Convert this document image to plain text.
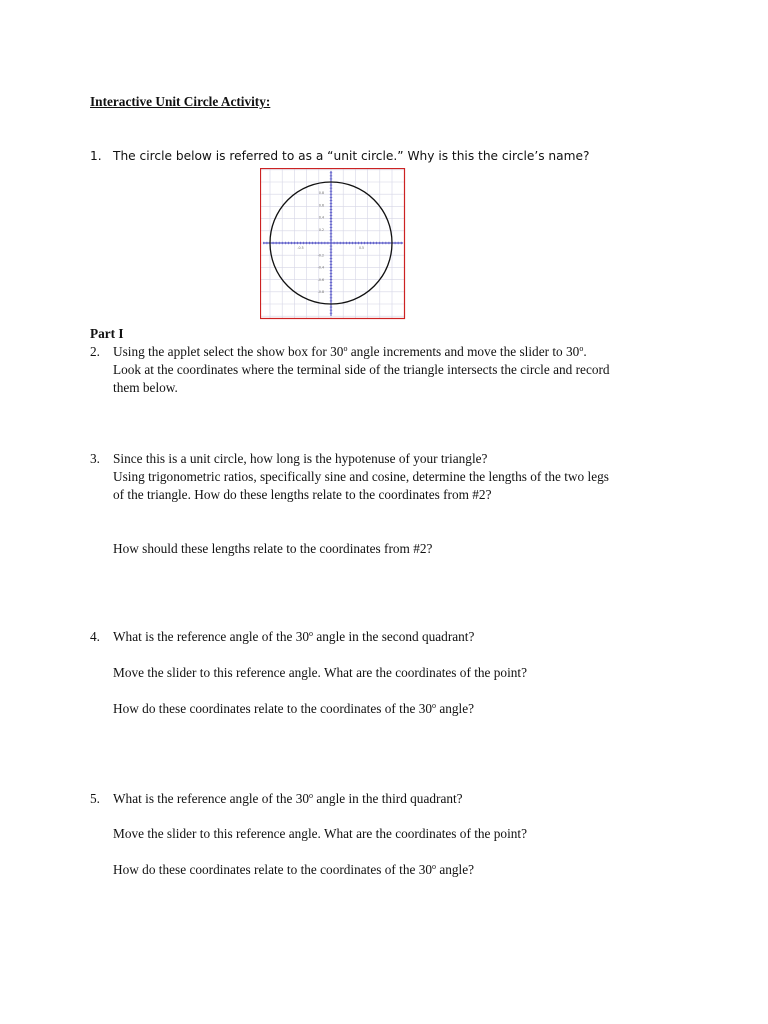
Interactive Unit Circle Activity:
1. The circle below is referred to as a “unit circle.” Why is this the circle’s name?
0.8
0.6
0.4
0.2
-0.2
-0.4
-0.6
-0.8
-0.5	0.5
Part I
2. Using the applet select the show box for 30$^o$ angle increments and move the slider to 30$^o$.
Look at the coordinates where the terminal side of the triangle intersects the circle and record
them below.
3. Since this is a unit circle, how long is the hypotenuse of your triangle?
Using trigonometric ratios, specifically sine and cosine, determine the lengths of the two legs
of the triangle. How do these lengths relate to the coordinates from #2?
How should these lengths relate to the coordinates from #2?
4. What is the reference angle of the 30$^o$ angle in the second quadrant?
Move the slider to this reference angle. What are the coordinates of the point?
How do these coordinates relate to the coordinates of the 30$^o$ angle?
5. What is the reference angle of the 30$^o$ angle in the third quadrant?
Move the slider to this reference angle. What are the coordinates of the point?
How do these coordinates relate to the coordinates of the 30$^o$ angle?
